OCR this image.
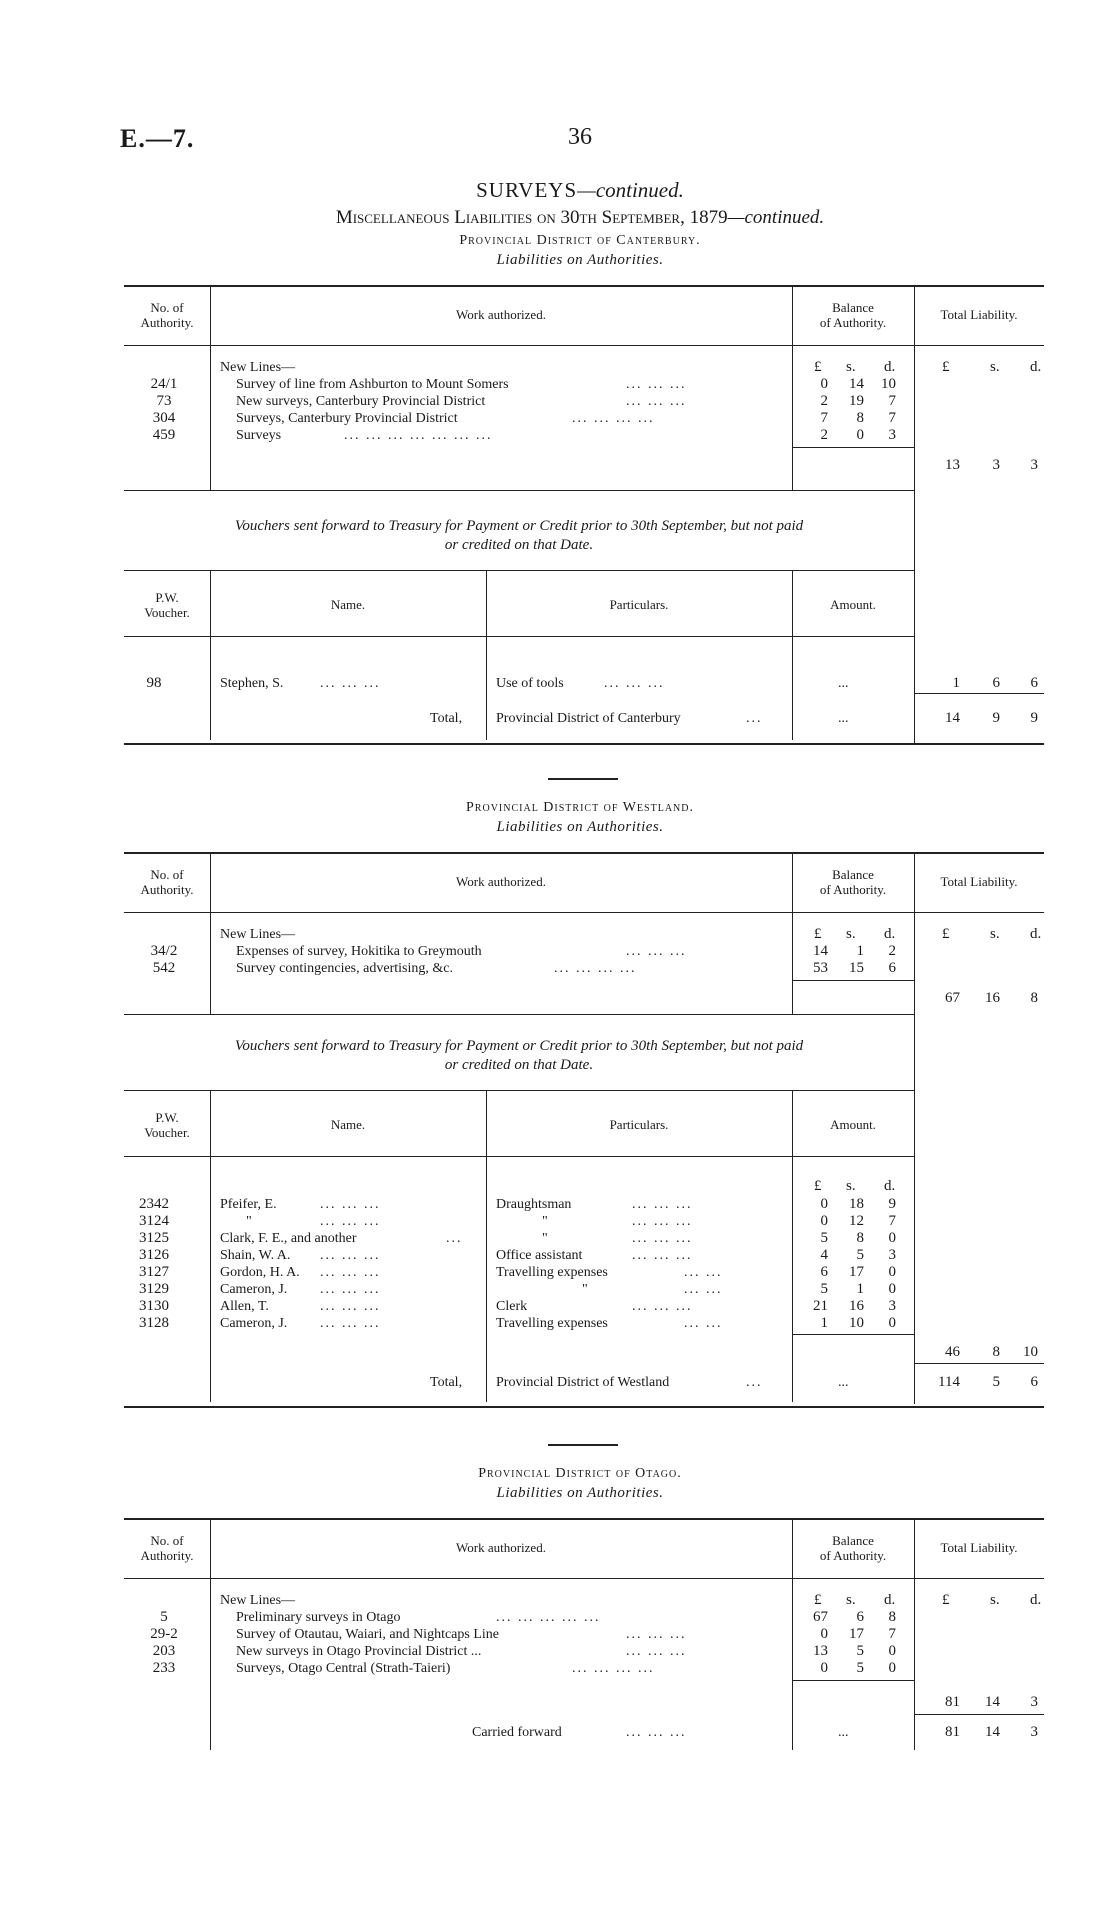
E.—7.	36
SURVEYS—continued.
Miscellaneous Liabilities on 30th September, 1879—continued.
Provincial District of Canterbury.
Liabilities on Authorities.
No. of
Authority.
Work authorized.	Balance
of Authority.
Total Liability.
New Lines—	£ s. d.	£	s. d.
24/1	Survey of line from Ashburton to Mount Somers	... ... ...	0	14	10
73	New surveys, Canterbury Provincial District	... ... ...	2	19	7
304	Surveys, Canterbury Provincial District	... ... ... ...	7	8	7
459	Surveys	... ... ... ... ... ... ...	2	0	3
13	3	3
Vouchers sent forward to Treasury for Payment or Credit prior to 30th September, but not paid
or credited on that Date.
P.W.
Voucher.
Name.	Particulars.	Amount.
98	Stephen, S.	... ... ...	Use of tools	... ... ...	...	1	6	6
Total, Provincial District of Canterbury	...	...	14	9	9
Provincial District of Westland.
Liabilities on Authorities.
No. of
Authority.
Work authorized.	Balance
of Authority.
Total Liability.
New Lines—	£ s. d.	£	s. d.
34/2	Expenses of survey, Hokitika to Greymouth	... ... ...	14	1	2
542	Survey contingencies, advertising, &c.	... ... ... ...	53	15	6
67	16	8
Vouchers sent forward to Treasury for Payment or Credit prior to 30th September, but not paid
or credited on that Date.
P.W.
Voucher.
Name.	Particulars.	Amount.
£ s. d.
2342	Pfeifer, E.	... ... ...	Draughtsman	... ... ...	0	18	9
3124	"	... ... ...	"	... ... ...	0	12	7
3125	Clark, F. E., and another	...	"	... ... ...	5	8	0
3126	Shain, W. A. ... ... ...	Office assistant	... ... ...	4	5	3
3127	Gordon, H. A. ... ... ...	Travelling expenses	... ...	6	17	0
3129	Cameron, J. ... ... ...	"	... ...	5	1	0
3130	Allen, T.	... ... ...	Clerk	... ... ...	21	16	3
3128	Cameron, J. ... ... ...	Travelling expenses	... ...	1	10	0
46	8	10
Total, Provincial District of Westland	...	...	114	5	6
Provincial District of Otago.
Liabilities on Authorities.
No. of
Authority.
Work authorized.	Balance
of Authority.
Total Liability.
New Lines—	£ s. d.	£	s. d.
5	Preliminary surveys in Otago	... ... ... ... ...	67	6	8
29-2	Survey of Otautau, Waiari, and Nightcaps Line	... ... ...	0	17	7
203	New surveys in Otago Provincial District ...	... ... ...	13	5	0
233	Surveys, Otago Central (Strath-Taieri)	... ... ... ...	0	5	0
81	14	3
Carried forward	... ... ...	...	81	14	3
